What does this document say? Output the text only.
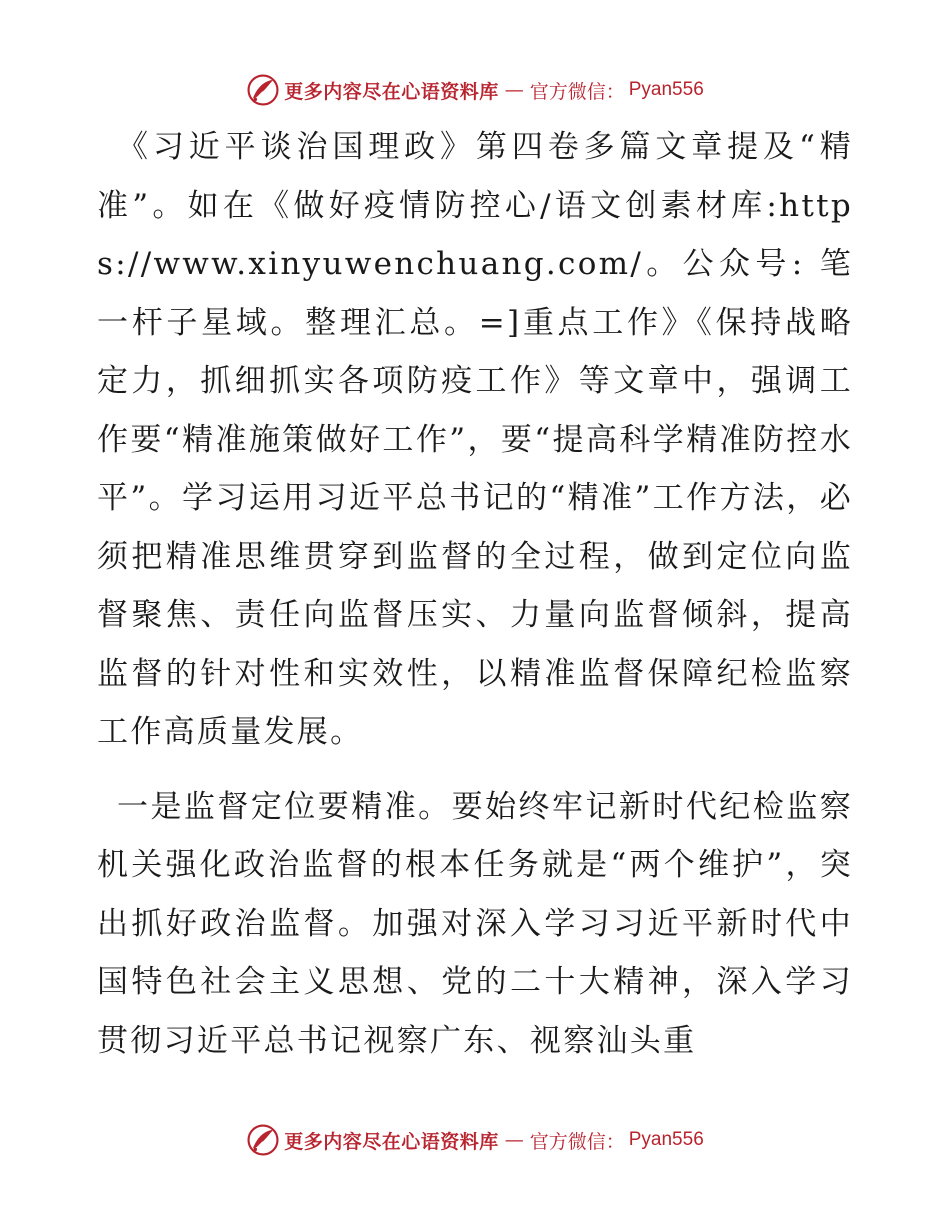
更多内容尽在心语资料库 — 官方微信： Pyan556

《习近平谈治国理政》第四卷多篇文章提及“精准”。如在《做好疫情防控心/语文创素材库:https://www.xinyuwenchuang.com/。公众号: 笔一杆子星域。整理汇总。=]重点工作》《保持战略定力，抓细抓实各项防疫工作》等文章中，强调工作要“精准施策做好工作”，要“提高科学精准防控水平”。学习运用习近平总书记的“精准”工作方法，必须把精准思维贯穿到监督的全过程，做到定位向监督聚焦、责任向监督压实、力量向监督倾斜，提高监督的针对性和实效性，以精准监督保障纪检监察工作高质量发展。

一是监督定位要精准。要始终牢记新时代纪检监察机关强化政治监督的根本任务就是“两个维护”，突出抓好政治监督。加强对深入学习习近平新时代中国特色社会主义思想、党的二十大精神，深入学习贯彻习近平总书记视察广东、视察汕头重

更多内容尽在心语资料库 — 官方微信： Pyan556
